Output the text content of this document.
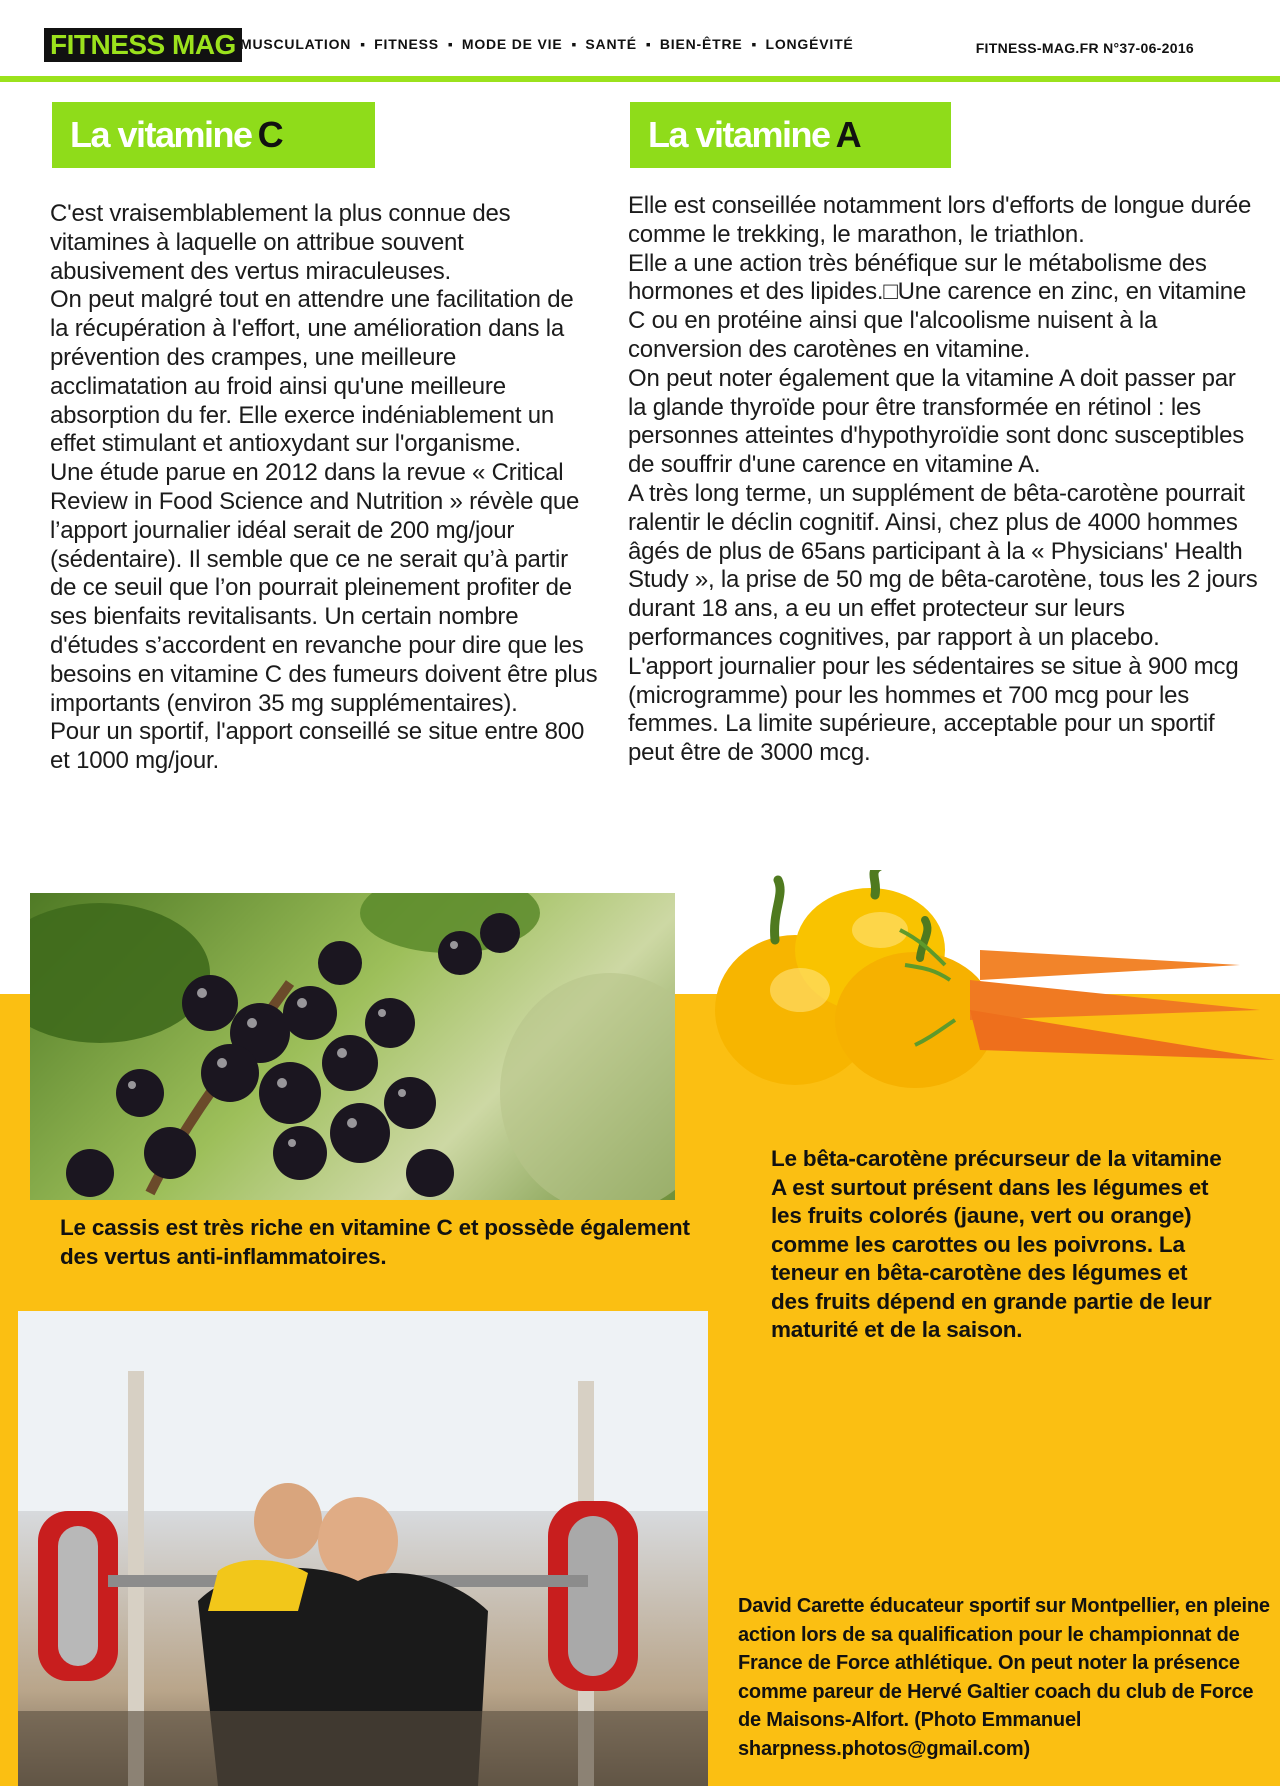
FITNESS MAG MUSCULATION ▪ FITNESS ▪ MODE DE VIE ▪ SANTÉ ▪ BIEN-ÊTRE ▪ LONGÉVITÉ	FITNESS-MAG.FR N°37-06-2016
La vitamine C	La vitamine A

C'est vraisemblablement la plus connue des vitamines à laquelle on attribue souvent abusivement des vertus miraculeuses.

On peut malgré tout en attendre une facilitation de la récupération à l'effort, une amélioration dans la prévention des crampes, une meilleure acclimatation au froid ainsi qu'une meilleure absorption du fer. Elle exerce indéniablement un effet stimulant et antioxydant sur l'organisme.

Une étude parue en 2012 dans la revue « Critical Review in Food Science and Nutrition » révèle que l’apport journalier idéal serait de 200 mg/jour (sédentaire). Il semble que ce ne serait qu’à partir de ce seuil que l’on pourrait pleinement profiter de ses bienfaits revitalisants. Un certain nombre d'études s’accordent en revanche pour dire que les besoins en vitamine C des fumeurs doivent être plus importants (environ 35 mg supplémentaires).

Pour un sportif, l'apport conseillé se situe entre 800 et 1000 mg/jour.

Elle est conseillée notamment lors d'efforts de longue durée comme le trekking, le marathon, le triathlon.

Elle a une action très bénéfique sur le métabolisme des hormones et des lipides.□Une carence en zinc, en vitamine C ou en protéine ainsi que l'alcoolisme nuisent à la conversion des carotènes en vitamine.

On peut noter également que la vitamine A doit passer par la glande thyroïde pour être transformée en rétinol : les personnes atteintes d'hypothyroïdie sont donc susceptibles de souffrir d'une carence en vitamine A.

A très long terme, un supplément de bêta-carotène pourrait ralentir le déclin cognitif. Ainsi, chez plus de 4000 hommes âgés de plus de 65ans participant à la « Physicians' Health Study », la prise de 50 mg de bêta-carotène, tous les 2 jours durant 18 ans, a eu un effet protecteur sur leurs performances cognitives, par rapport à un placebo.

L'apport journalier pour les sédentaires se situe à 900 mcg (microgramme) pour les hommes et 700 mcg pour les femmes. La limite supérieure, acceptable pour un sportif peut être de 3000 mcg.

Le cassis est très riche en vitamine C et possède également des vertus anti-inflammatoires.
Le bêta-carotène précurseur de la vitamine A est surtout présent dans les légumes et les fruits colorés (jaune, vert ou orange) comme les carottes ou les poivrons. La teneur en bêta-carotène des légumes et des fruits dépend en grande partie de leur maturité et de la saison.
David Carette éducateur sportif sur Montpellier, en pleine action lors de sa qualification pour le championnat de France de Force athlétique. On peut noter la présence comme pareur de Hervé Galtier coach du club de Force de Maisons-Alfort. (Photo Emmanuel sharpness.photos@gmail.com)
